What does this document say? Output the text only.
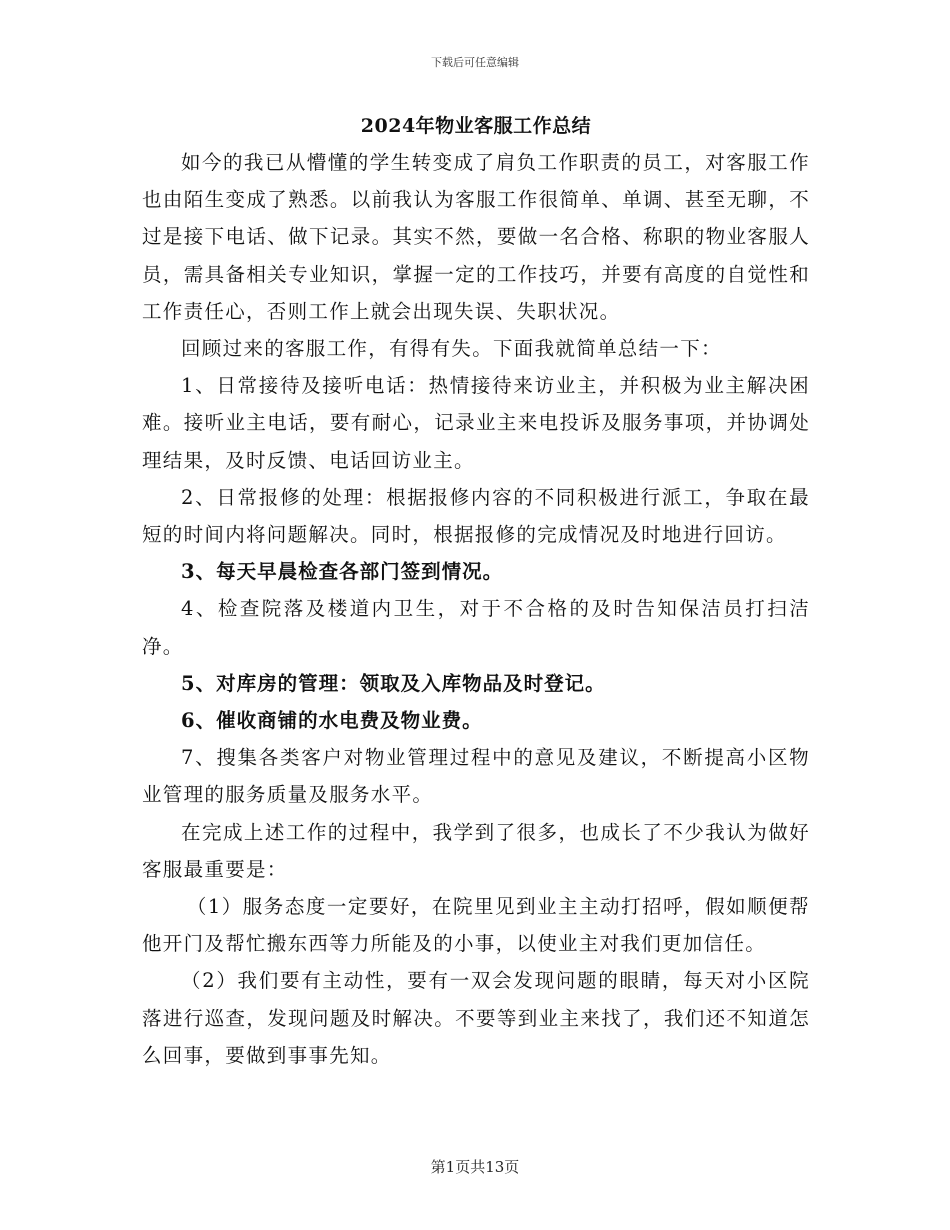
下载后可任意编辑
2024年物业客服工作总结

如今的我已从懵懂的学生转变成了肩负工作职责的员工，对客服工作也由陌生变成了熟悉。以前我认为客服工作很简单、单调、甚至无聊，不过是接下电话、做下记录。其实不然，要做一名合格、称职的物业客服人员，需具备相关专业知识，掌握一定的工作技巧，并要有高度的自觉性和工作责任心，否则工作上就会出现失误、失职状况。

回顾过来的客服工作，有得有失。下面我就简单总结一下：

1、日常接待及接听电话：热情接待来访业主，并积极为业主解决困难。接听业主电话，要有耐心，记录业主来电投诉及服务事项，并协调处理结果，及时反馈、电话回访业主。

2、日常报修的处理：根据报修内容的不同积极进行派工，争取在最短的时间内将问题解决。同时，根据报修的完成情况及时地进行回访。

3、每天早晨检查各部门签到情况。

4、检查院落及楼道内卫生，对于不合格的及时告知保洁员打扫洁净。

5、对库房的管理：领取及入库物品及时登记。

6、催收商铺的水电费及物业费。

7、搜集各类客户对物业管理过程中的意见及建议，不断提高小区物业管理的服务质量及服务水平。

在完成上述工作的过程中，我学到了很多，也成长了不少我认为做好客服最重要是：

（1）服务态度一定要好，在院里见到业主主动打招呼，假如顺便帮他开门及帮忙搬东西等力所能及的小事，以使业主对我们更加信任。

（2）我们要有主动性，要有一双会发现问题的眼睛，每天对小区院落进行巡查，发现问题及时解决。不要等到业主来找了，我们还不知道怎么回事，要做到事事先知。

第1页共13页
